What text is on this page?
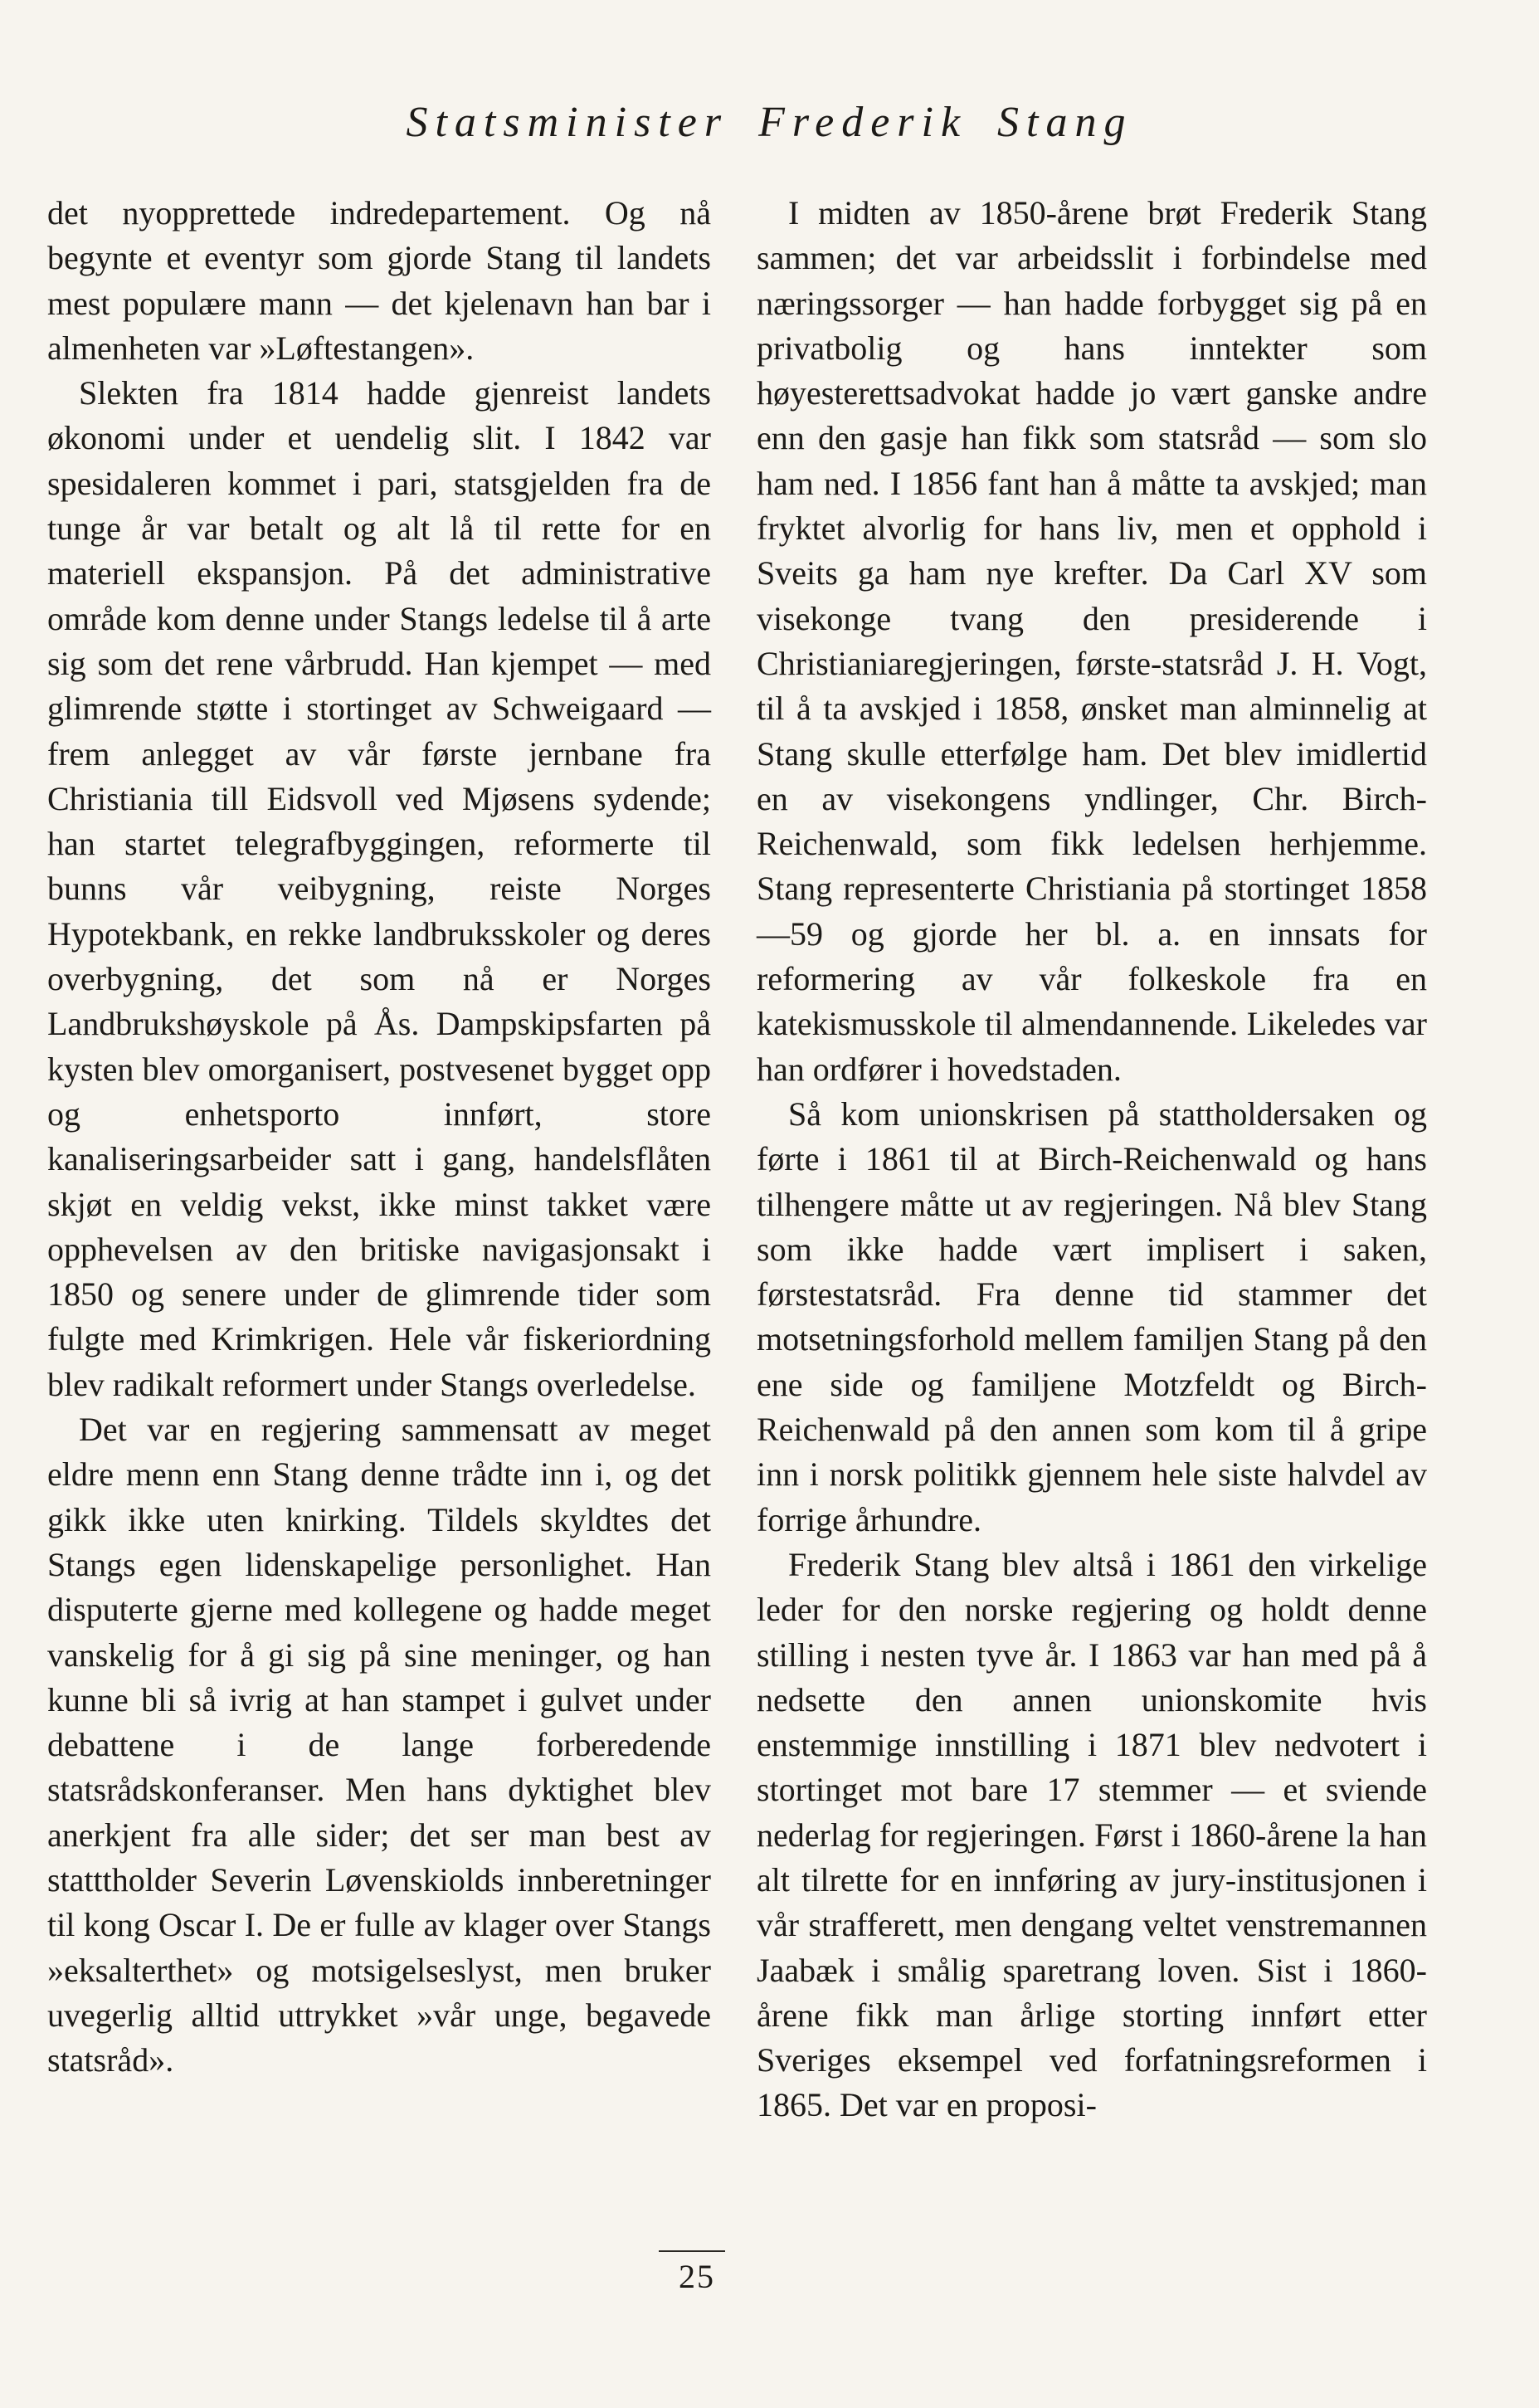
Statsminister Frederik Stang

det nyopprettede indredepartement. Og nå begynte et eventyr som gjorde Stang til landets mest populære mann — det kjelenavn han bar i almenheten var »Løftestangen».

Slekten fra 1814 hadde gjenreist landets økonomi under et uendelig slit. I 1842 var spesidaleren kommet i pari, statsgjelden fra de tunge år var betalt og alt lå til rette for en materiell ekspansjon. På det administrative område kom denne under Stangs ledelse til å arte sig som det rene vårbrudd. Han kjempet — med glimrende støtte i stortinget av Schweigaard — frem anlegget av vår første jernbane fra Christiania till Eidsvoll ved Mjøsens sydende; han startet telegrafbyggingen, reformerte til bunns vår veibygning, reiste Norges Hypotekbank, en rekke landbruksskoler og deres overbygning, det som nå er Norges Landbrukshøyskole på Ås. Dampskipsfarten på kysten blev omorganisert, postvesenet bygget opp og enhetsporto innført, store kanaliseringsarbeider satt i gang, handelsflåten skjøt en veldig vekst, ikke minst takket være opphevelsen av den britiske navigasjonsakt i 1850 og senere under de glimrende tider som fulgte med Krimkrigen. Hele vår fiskeriordning blev radikalt reformert under Stangs overledelse.

Det var en regjering sammensatt av meget eldre menn enn Stang denne trådte inn i, og det gikk ikke uten knirking. Tildels skyldtes det Stangs egen lidenskapelige personlighet. Han disputerte gjerne med kollegene og hadde meget vanskelig for å gi sig på sine meninger, og han kunne bli så ivrig at han stampet i gulvet under debattene i de lange forberedende statsrådskonferanser. Men hans dyktighet blev anerkjent fra alle sider; det ser man best av statttholder Severin Løvenskiolds innberetninger til kong Oscar I. De er fulle av klager over Stangs »eksalterthet» og motsigelseslyst, men bruker uvegerlig alltid uttrykket »vår unge, begavede statsråd».

I midten av 1850-årene brøt Frederik Stang sammen; det var arbeidsslit i forbindelse med næringssorger — han hadde forbygget sig på en privatbolig og hans inntekter som høyesterettsadvokat hadde jo vært ganske andre enn den gasje han fikk som statsråd — som slo ham ned. I 1856 fant han å måtte ta avskjed; man fryktet alvorlig for hans liv, men et opphold i Sveits ga ham nye krefter. Da Carl XV som visekonge tvang den presiderende i Christianiaregjeringen, første-statsråd J. H. Vogt, til å ta avskjed i 1858, ønsket man alminnelig at Stang skulle etterfølge ham. Det blev imidlertid en av visekongens yndlinger, Chr. Birch-Reichenwald, som fikk ledelsen herhjemme. Stang representerte Christiania på stortinget 1858—59 og gjorde her bl. a. en innsats for reformering av vår folkeskole fra en katekismusskole til almendannende. Likeledes var han ordfører i hovedstaden.

Så kom unionskrisen på stattholdersaken og førte i 1861 til at Birch-Reichenwald og hans tilhengere måtte ut av regjeringen. Nå blev Stang som ikke hadde vært implisert i saken, førstestatsråd. Fra denne tid stammer det motsetningsforhold mellem familjen Stang på den ene side og familjene Motzfeldt og Birch-Reichenwald på den annen som kom til å gripe inn i norsk politikk gjennem hele siste halvdel av forrige århundre.

Frederik Stang blev altså i 1861 den virkelige leder for den norske regjering og holdt denne stilling i nesten tyve år. I 1863 var han med på å nedsette den annen unionskomite hvis enstemmige innstilling i 1871 blev nedvotert i stortinget mot bare 17 stemmer — et sviende nederlag for regjeringen. Først i 1860-årene la han alt tilrette for en innføring av jury-institusjonen i vår strafferett, men dengang veltet venstremannen Jaabæk i smålig sparetrang loven. Sist i 1860-årene fikk man årlige storting innført etter Sveriges eksempel ved forfatningsreformen i 1865. Det var en proposi-

25
